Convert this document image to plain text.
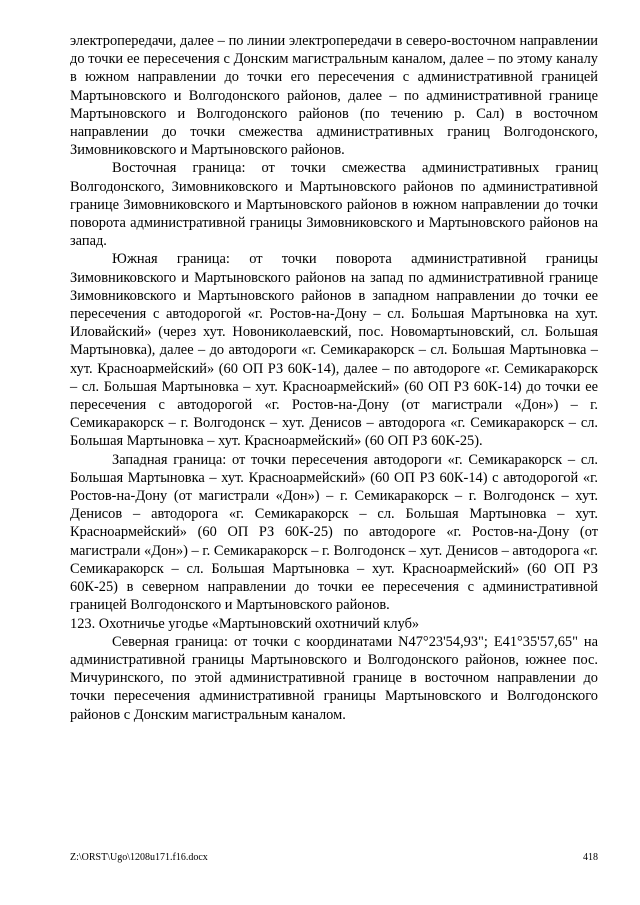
электропередачи, далее – по линии электропередачи в северо-восточном направлении до точки ее пересечения с Донским магистральным каналом, далее – по этому каналу в южном направлении до точки его пересечения с административной границей Мартыновского и Волгодонского районов, далее – по административной границе Мартыновского и Волгодонского районов (по течению р. Сал) в восточном направлении до точки смежества административных границ Волгодонского, Зимовниковского и Мартыновского районов.

Восточная граница: от точки смежества административных границ Волгодонского, Зимовниковского и Мартыновского районов по административной границе Зимовниковского и Мартыновского районов в южном направлении до точки поворота административной границы Зимовниковского и Мартыновского районов на запад.

Южная граница: от точки поворота административной границы Зимовниковского и Мартыновского районов на запад по административной границе Зимовниковского и Мартыновского районов в западном направлении до точки ее пересечения с автодорогой «г. Ростов-на-Дону – сл. Большая Мартыновка на хут. Иловайский» (через хут. Новониколаевский, пос. Новомартыновский, сл. Большая Мартыновка), далее – до автодороги «г. Семикаракорск – сл. Большая Мартыновка – хут. Красноармейский» (60 ОП РЗ 60К-14), далее – по автодороге «г. Семикаракорск – сл. Большая Мартыновка – хут. Красноармейский» (60 ОП РЗ 60К-14) до точки ее пересечения с автодорогой «г. Ростов-на-Дону (от магистрали «Дон») – г. Семикаракорск – г. Волгодонск – хут. Денисов – автодорога «г. Семикаракорск – сл. Большая Мартыновка – хут. Красноармейский» (60 ОП РЗ 60К-25).

Западная граница: от точки пересечения автодороги «г. Семикаракорск – сл. Большая Мартыновка – хут. Красноармейский» (60 ОП РЗ 60К-14) с автодорогой «г. Ростов-на-Дону (от магистрали «Дон») – г. Семикаракорск – г. Волгодонск – хут. Денисов – автодорога «г. Семикаракорск – сл. Большая Мартыновка – хут. Красноармейский» (60 ОП РЗ 60К-25) по автодороге «г. Ростов-на-Дону (от магистрали «Дон») – г. Семикаракорск – г. Волгодонск – хут. Денисов – автодорога «г. Семикаракорск – сл. Большая Мартыновка – хут. Красноармейский» (60 ОП РЗ 60К-25) в северном направлении до точки ее пересечения с административной границей Волгодонского и Мартыновского районов.

123. Охотничье угодье «Мартыновский охотничий клуб»

Северная граница: от точки с координатами N47°23'54,93"; E41°35'57,65" на административной границы Мартыновского и Волгодонского районов, южнее пос. Мичуринского, по этой административной границе в восточном направлении до точки пересечения административной границы Мартыновского и Волгодонского районов с Донским магистральным каналом.

Z:\ORST\Ugo\1208u171.f16.docx	418
